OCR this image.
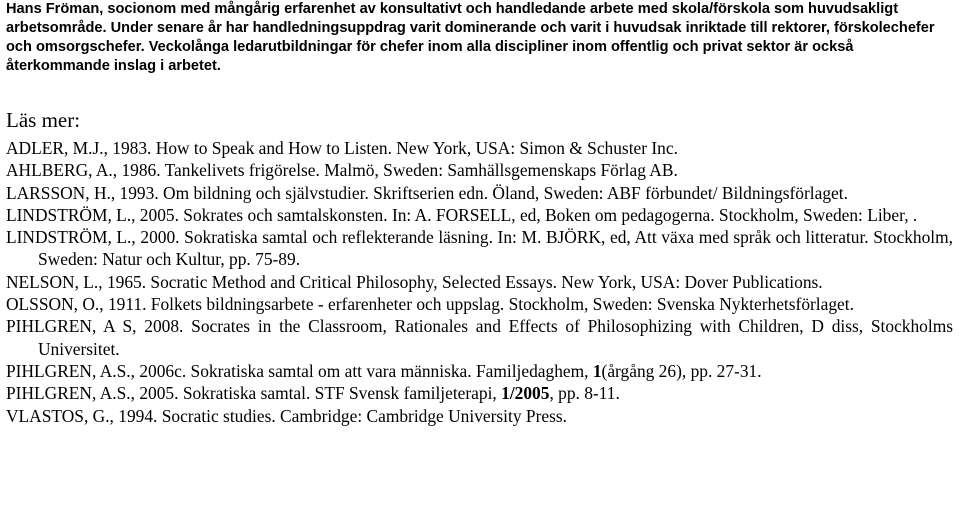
Hans Fröman, socionom med mångårig erfarenhet av konsultativt och handledande arbete med skola/förskola som huvudsakligt arbetsområde. Under senare år har handledningsuppdrag varit dominerande och varit i huvudsak inriktade till rektorer, förskolechefer och omsorgschefer. Veckolånga ledarutbildningar för chefer inom alla discipliner inom offentlig och privat sektor är också återkommande inslag i arbetet.

Läs mer:

ADLER, M.J., 1983. How to Speak and How to Listen. New York, USA: Simon & Schuster Inc.

AHLBERG, A., 1986. Tankelivets frigörelse. Malmö, Sweden: Samhällsgemenskaps Förlag AB.

LARSSON, H., 1993. Om bildning och självstudier. Skriftserien edn. Öland, Sweden: ABF förbundet/ Bildningsförlaget.

LINDSTRÖM, L., 2005. Sokrates och samtalskonsten. In: A. FORSELL, ed, Boken om pedagogerna. Stockholm, Sweden: Liber, .

LINDSTRÖM, L., 2000. Sokratiska samtal och reflekterande läsning. In: M. BJÖRK, ed, Att växa med språk och litteratur. Stockholm, Sweden: Natur och Kultur, pp. 75-89.

NELSON, L., 1965. Socratic Method and Critical Philosophy, Selected Essays. New York, USA: Dover Publications.

OLSSON, O., 1911. Folkets bildningsarbete - erfarenheter och uppslag. Stockholm, Sweden: Svenska Nykterhetsförlaget.

PIHLGREN, A S, 2008. Socrates in the Classroom, Rationales and Effects of Philosophizing with Children, D diss, Stockholms Universitet.

PIHLGREN, A.S., 2006c. Sokratiska samtal om att vara människa. Familjedaghem, 1(årgång 26), pp. 27-31.

PIHLGREN, A.S., 2005. Sokratiska samtal. STF Svensk familjeterapi, 1/2005, pp. 8-11.

VLASTOS, G., 1994. Socratic studies. Cambridge: Cambridge University Press.
